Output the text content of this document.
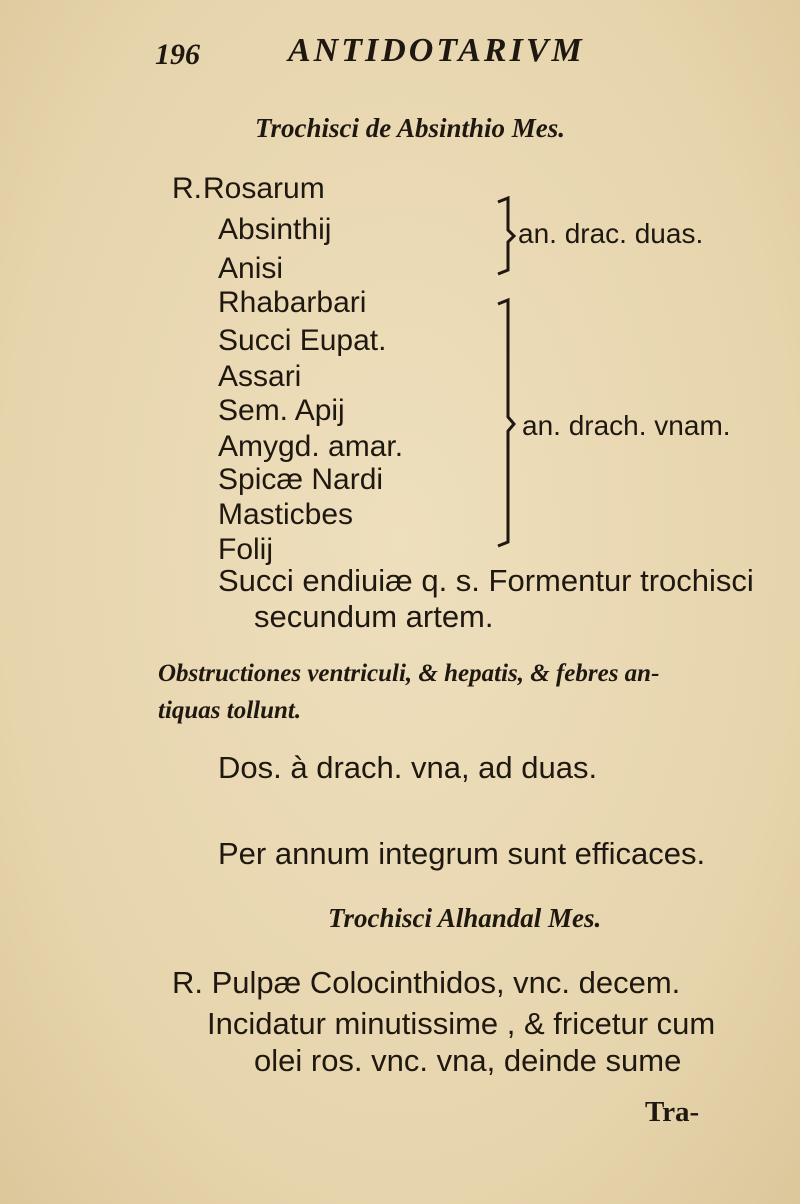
196	ANTIDOTARIVM
Trochisci de Absinthio Mes.
R. Rosarum
Absinthij
Anisi
Rhabarbari
Succi Eupat.
Assari
Sem. Apij
Amygd. amar.
Spicæ Nardi
Masticbes
Folij
an. drac. duas.
an. drach. vnam.
Succi endiuiæ q. s. Formentur trochisci
secundum artem.
Obstructiones ventriculi, & hepatis, & febres an-
tiquas tollunt.
Dos. à drach. vna, ad duas.
Per annum integrum sunt efficaces.
Trochisci Alhandal Mes.
R. Pulpæ Colocinthidos, vnc. decem.
Incidatur minutissime , & fricetur cum
olei ros. vnc. vna, deinde sume
Tra-
